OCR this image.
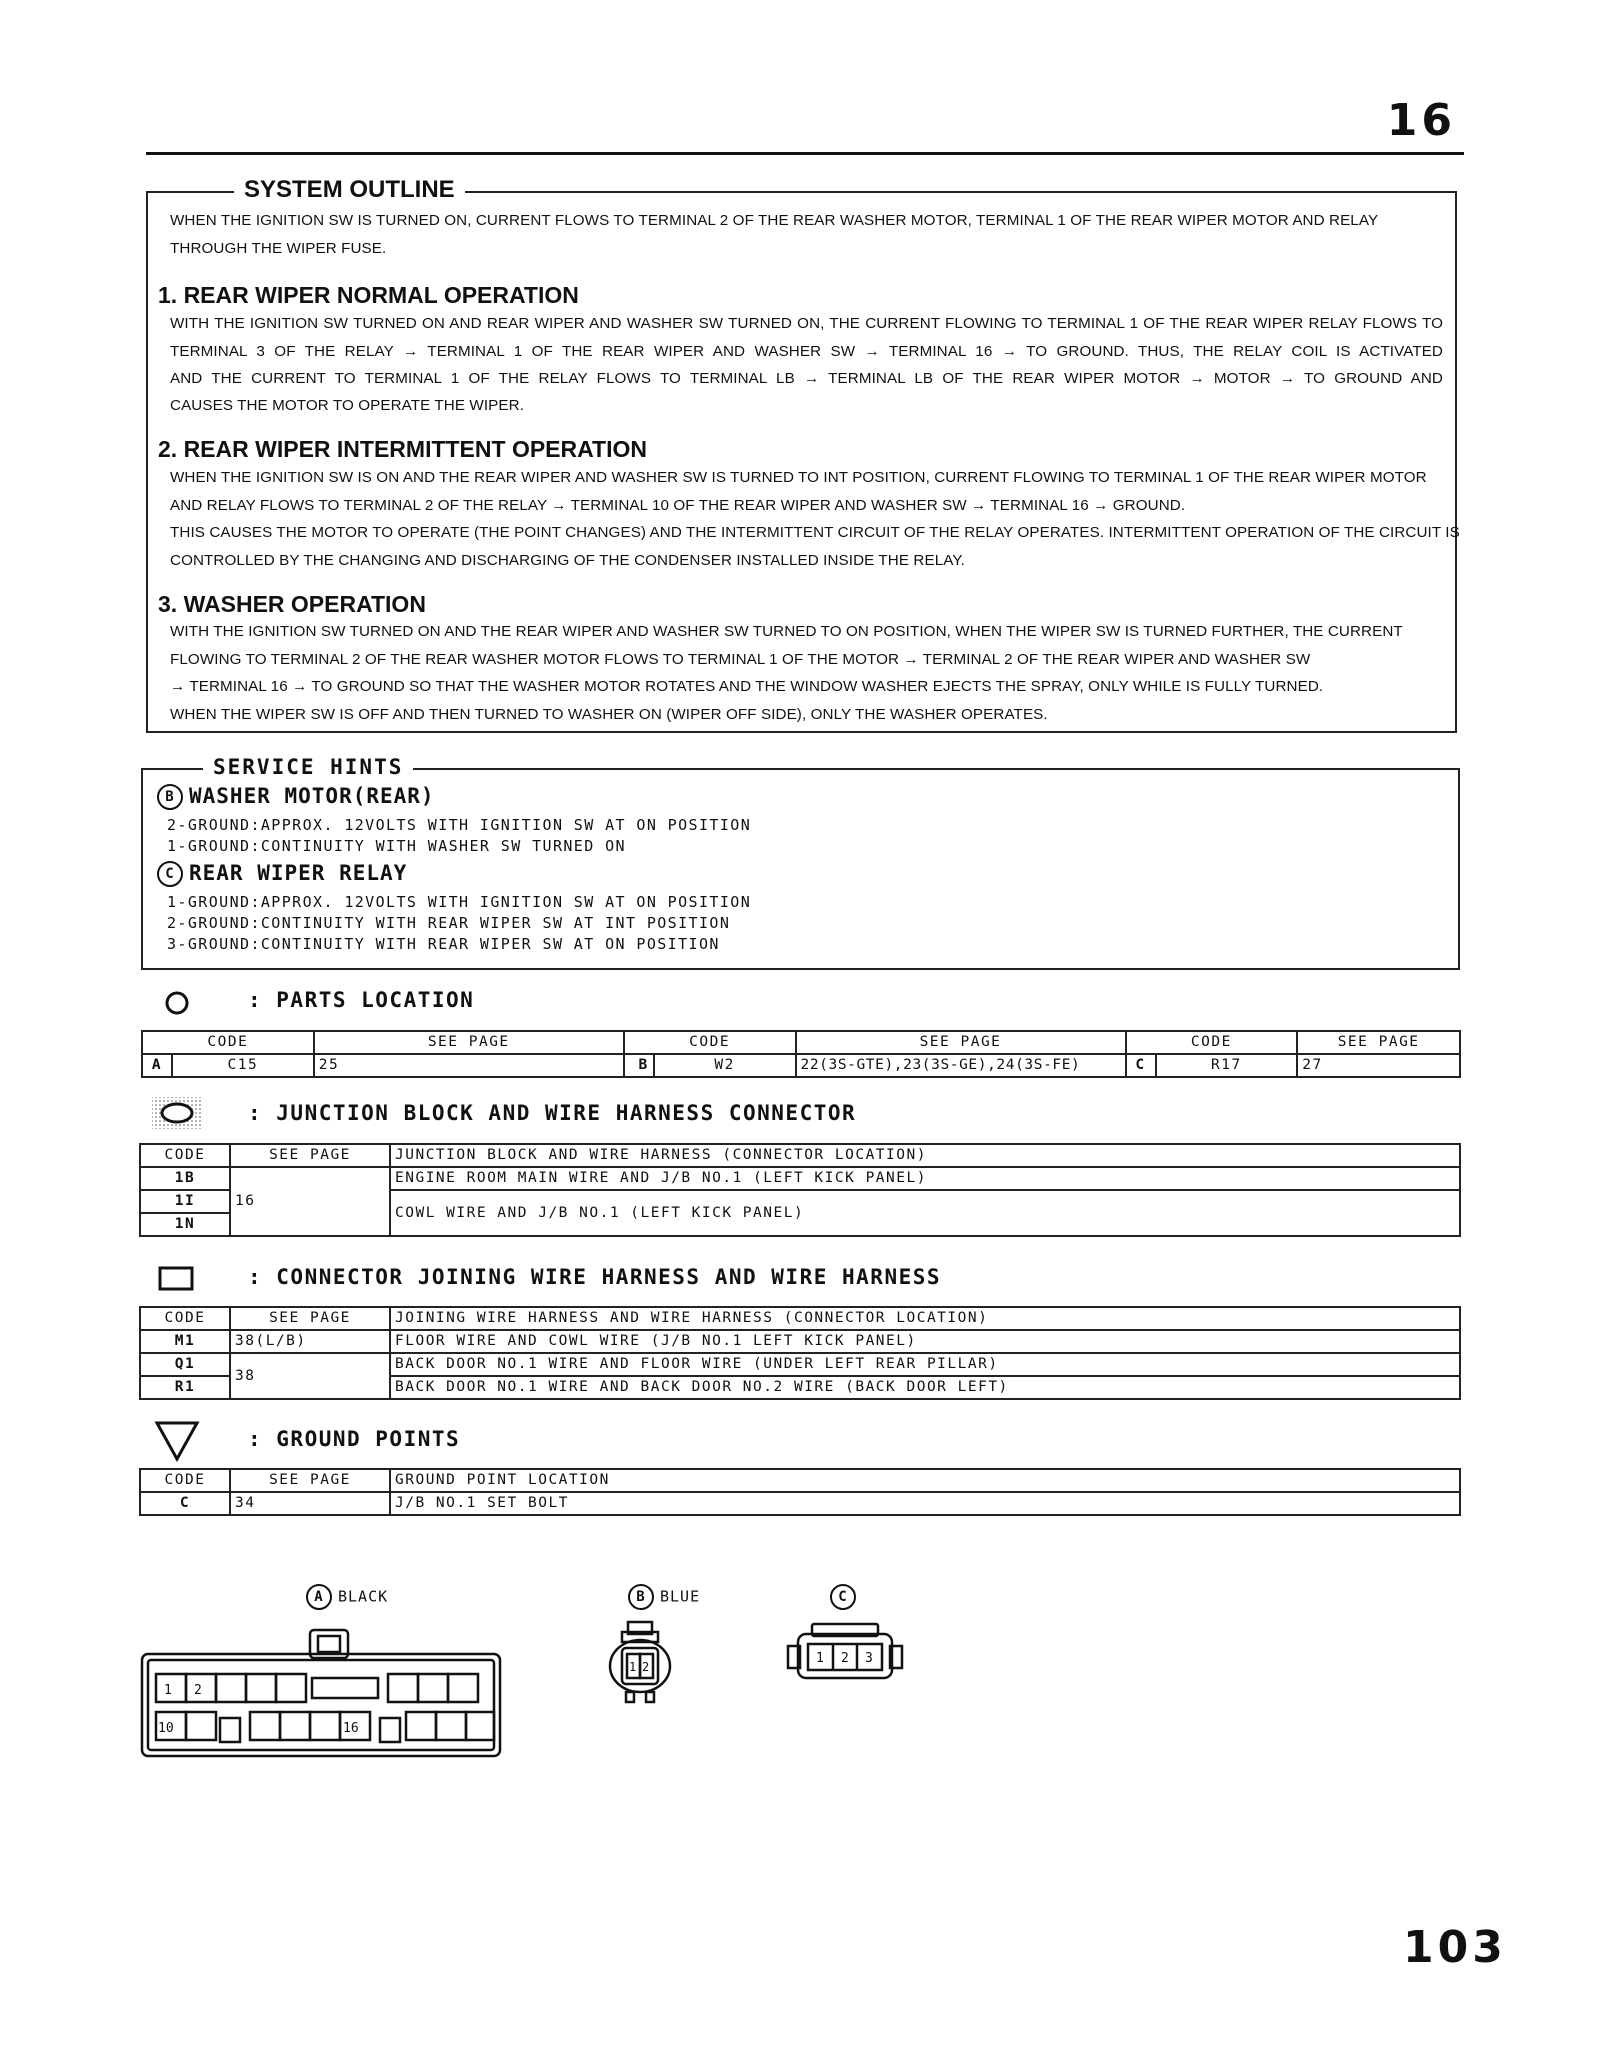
16
SYSTEM OUTLINE
WHEN THE IGNITION SW IS TURNED ON, CURRENT FLOWS TO TERMINAL 2 OF THE REAR WASHER MOTOR, TERMINAL 1 OF THE REAR WIPER MOTOR AND RELAY
THROUGH THE WIPER FUSE.
1. REAR WIPER NORMAL OPERATION
WITH THE IGNITION SW TURNED ON AND REAR WIPER AND WASHER SW TURNED ON, THE CURRENT FLOWING TO TERMINAL 1 OF THE REAR WIPER RELAY FLOWS TO
TERMINAL 3 OF THE RELAY → TERMINAL 1 OF THE REAR WIPER AND WASHER SW → TERMINAL 16 → TO GROUND. THUS, THE RELAY COIL IS ACTIVATED
AND THE CURRENT TO TERMINAL 1 OF THE RELAY FLOWS TO TERMINAL LB → TERMINAL LB OF THE REAR WIPER MOTOR → MOTOR → TO GROUND AND
CAUSES THE MOTOR TO OPERATE THE WIPER.
2. REAR WIPER INTERMITTENT OPERATION
WHEN THE IGNITION SW IS ON AND THE REAR WIPER AND WASHER SW IS TURNED TO INT POSITION, CURRENT FLOWING TO TERMINAL 1 OF THE REAR WIPER MOTOR
AND RELAY FLOWS TO TERMINAL 2 OF THE RELAY → TERMINAL 10 OF THE REAR WIPER AND WASHER SW → TERMINAL 16 → GROUND.
THIS CAUSES THE MOTOR TO OPERATE (THE POINT CHANGES) AND THE INTERMITTENT CIRCUIT OF THE RELAY OPERATES. INTERMITTENT OPERATION OF THE CIRCUIT IS
CONTROLLED BY THE CHANGING AND DISCHARGING OF THE CONDENSER INSTALLED INSIDE THE RELAY.
3. WASHER OPERATION
WITH THE IGNITION SW TURNED ON AND THE REAR WIPER AND WASHER SW TURNED TO ON POSITION, WHEN THE WIPER SW IS TURNED FURTHER, THE CURRENT
FLOWING TO TERMINAL 2 OF THE REAR WASHER MOTOR FLOWS TO TERMINAL 1 OF THE MOTOR → TERMINAL 2 OF THE REAR WIPER AND WASHER SW
→ TERMINAL 16 → TO GROUND SO THAT THE WASHER MOTOR ROTATES AND THE WINDOW WASHER EJECTS THE SPRAY, ONLY WHILE IS FULLY TURNED.
WHEN THE WIPER SW IS OFF AND THEN TURNED TO WASHER ON (WIPER OFF SIDE), ONLY THE WASHER OPERATES.
SERVICE HINTS
B WASHER MOTOR(REAR)
2-GROUND:APPROX. 12VOLTS WITH IGNITION SW AT ON POSITION
1-GROUND:CONTINUITY WITH WASHER SW TURNED ON
C REAR WIPER RELAY
1-GROUND:APPROX. 12VOLTS WITH IGNITION SW AT ON POSITION
2-GROUND:CONTINUITY WITH REAR WIPER SW AT INT POSITION
3-GROUND:CONTINUITY WITH REAR WIPER SW AT ON POSITION
: PARTS LOCATION
CODE		SEE PAGE	CODE		SEE PAGE	CODE		SEE PAGE
A	C15	25	B	W2	22(3S-GTE),23(3S-GE),24(3S-FE)	C	R17	27
: JUNCTION BLOCK AND WIRE HARNESS CONNECTOR
CODE	SEE PAGE	JUNCTION BLOCK AND WIRE HARNESS (CONNECTOR LOCATION)
1B	16	ENGINE ROOM MAIN WIRE AND J/B NO.1 (LEFT KICK PANEL)
1I		COWL WIRE AND J/B NO.1 (LEFT KICK PANEL)
1N		
: CONNECTOR JOINING WIRE HARNESS AND WIRE HARNESS
CODE	SEE PAGE	JOINING WIRE HARNESS AND WIRE HARNESS (CONNECTOR LOCATION)
M1	38(L/B)	FLOOR WIRE AND COWL WIRE (J/B NO.1 LEFT KICK PANEL)
Q1	38	BACK DOOR NO.1 WIRE AND FLOOR WIRE (UNDER LEFT REAR PILLAR)
R1		BACK DOOR NO.1 WIRE AND BACK DOOR NO.2 WIRE (BACK DOOR LEFT)
: GROUND POINTS
CODE	SEE PAGE	GROUND POINT LOCATION
C	34	J/B NO.1 SET BOLT
A BLACK
1 2
10	16
B BLUE
1 2
C
1 2 3
103
